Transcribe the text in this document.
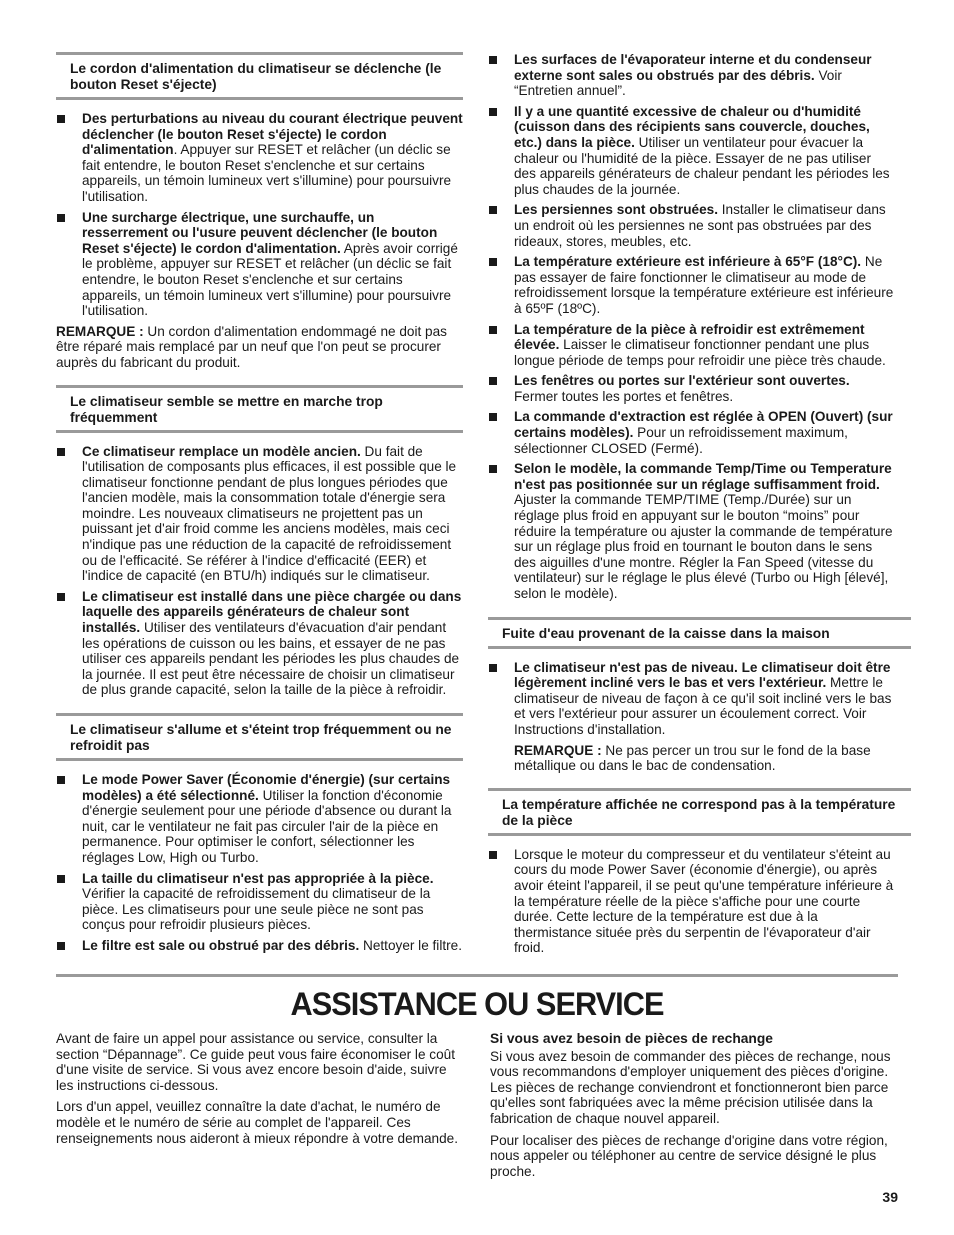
Le cordon d'alimentation du climatiseur se déclenche (le bouton Reset s'éjecte)
Des perturbations au niveau du courant électrique peuvent déclencher (le bouton Reset s'éjecte) le cordon d'alimentation. Appuyer sur RESET et relâcher (un déclic se fait entendre, le bouton Reset s'enclenche et sur certains appareils, un témoin lumineux vert s'illumine) pour poursuivre l'utilisation.
Une surcharge électrique, une surchauffe, un resserrement ou l'usure peuvent déclencher (le bouton Reset s'éjecte) le cordon d'alimentation. Après avoir corrigé le problème, appuyer sur RESET et relâcher (un déclic se fait entendre, le bouton Reset s'enclenche et sur certains appareils, un témoin lumineux vert s'illumine) pour poursuivre l'utilisation.

REMARQUE : Un cordon d'alimentation endommagé ne doit pas être réparé mais remplacé par un neuf que l'on peut se procurer auprès du fabricant du produit.

Le climatiseur semble se mettre en marche trop fréquemment
Ce climatiseur remplace un modèle ancien. Du fait de l'utilisation de composants plus efficaces, il est possible que le climatiseur fonctionne pendant de plus longues périodes que l'ancien modèle, mais la consommation totale d'énergie sera moindre. Les nouveaux climatiseurs ne projettent pas un puissant jet d'air froid comme les anciens modèles, mais ceci n'indique pas une réduction de la capacité de refroidissement ou de l'efficacité. Se référer à l'indice d'efficacité (EER) et l'indice de capacité (en BTU/h) indiqués sur le climatiseur.
Le climatiseur est installé dans une pièce chargée ou dans laquelle des appareils générateurs de chaleur sont installés. Utiliser des ventilateurs d'évacuation d'air pendant les opérations de cuisson ou les bains, et essayer de ne pas utiliser ces appareils pendant les périodes les plus chaudes de la journée. Il est peut être nécessaire de choisir un climatiseur de plus grande capacité, selon la taille de la pièce à refroidir.
Le climatiseur s'allume et s'éteint trop fréquemment ou ne refroidit pas
Le mode Power Saver (Économie d'énergie) (sur certains modèles) a été sélectionné. Utiliser la fonction d'économie d'énergie seulement pour une période d'absence ou durant la nuit, car le ventilateur ne fait pas circuler l'air de la pièce en permanence. Pour optimiser le confort, sélectionner les réglages Low, High ou Turbo.
La taille du climatiseur n'est pas appropriée à la pièce. Vérifier la capacité de refroidissement du climatiseur de la pièce. Les climatiseurs pour une seule pièce ne sont pas conçus pour refroidir plusieurs pièces.
Le filtre est sale ou obstrué par des débris. Nettoyer le filtre.
Les surfaces de l'évaporateur interne et du condenseur externe sont sales ou obstrués par des débris. Voir “Entretien annuel”.
Il y a une quantité excessive de chaleur ou d'humidité (cuisson dans des récipients sans couvercle, douches, etc.) dans la pièce. Utiliser un ventilateur pour évacuer la chaleur ou l'humidité de la pièce. Essayer de ne pas utiliser des appareils générateurs de chaleur pendant les périodes les plus chaudes de la journée.
Les persiennes sont obstruées. Installer le climatiseur dans un endroit où les persiennes ne sont pas obstruées par des rideaux, stores, meubles, etc.
La température extérieure est inférieure à 65°F (18°C). Ne pas essayer de faire fonctionner le climatiseur au mode de refroidissement lorsque la température extérieure est inférieure à 65ºF (18ºC).
La température de la pièce à refroidir est extrêmement élevée. Laisser le climatiseur fonctionner pendant une plus longue période de temps pour refroidir une pièce très chaude.
Les fenêtres ou portes sur l'extérieur sont ouvertes. Fermer toutes les portes et fenêtres.
La commande d'extraction est réglée à OPEN (Ouvert) (sur certains modèles). Pour un refroidissement maximum, sélectionner CLOSED (Fermé).
Selon le modèle, la commande Temp/Time ou Temperature n'est pas positionnée sur un réglage suffisamment froid. Ajuster la commande TEMP/TIME (Temp./Durée) sur un réglage plus froid en appuyant sur le bouton “moins” pour réduire la température ou ajuster la commande de température sur un réglage plus froid en tournant le bouton dans le sens des aiguilles d'une montre. Régler la Fan Speed (vitesse du ventilateur) sur le réglage le plus élevé (Turbo ou High [élevé], selon le modèle).
Fuite d'eau provenant de la caisse dans la maison
Le climatiseur n'est pas de niveau. Le climatiseur doit être légèrement incliné vers le bas et vers l'extérieur. Mettre le climatiseur de niveau de façon à ce qu'il soit incliné vers le bas et vers l'extérieur pour assurer un écoulement correct. Voir Instructions d'installation.

REMARQUE : Ne pas percer un trou sur le fond de la base métallique ou dans le bac de condensation.

La température affichée ne correspond pas à la température de la pièce
Lorsque le moteur du compresseur et du ventilateur s'éteint au cours du mode Power Saver (économie d'énergie), ou après avoir éteint l'appareil, il se peut qu'une température inférieure à la température réelle de la pièce s'affiche pour une courte durée. Cette lecture de la température est due à la thermistance située près du serpentin de l'évaporateur d'air froid.
ASSISTANCE OU SERVICE

Avant de faire un appel pour assistance ou service, consulter la section “Dépannage”. Ce guide peut vous faire économiser le coût d'une visite de service. Si vous avez encore besoin d'aide, suivre les instructions ci-dessous.

Lors d'un appel, veuillez connaître la date d'achat, le numéro de modèle et le numéro de série au complet de l'appareil. Ces renseignements nous aideront à mieux répondre à votre demande.

Si vous avez besoin de pièces de rechange

Si vous avez besoin de commander des pièces de rechange, nous vous recommandons d'employer uniquement des pièces d'origine. Les pièces de rechange conviendront et fonctionneront bien parce qu'elles sont fabriquées avec la même précision utilisée dans la fabrication de chaque nouvel appareil.

Pour localiser des pièces de rechange d'origine dans votre région, nous appeler ou téléphoner au centre de service désigné le plus proche.

39
